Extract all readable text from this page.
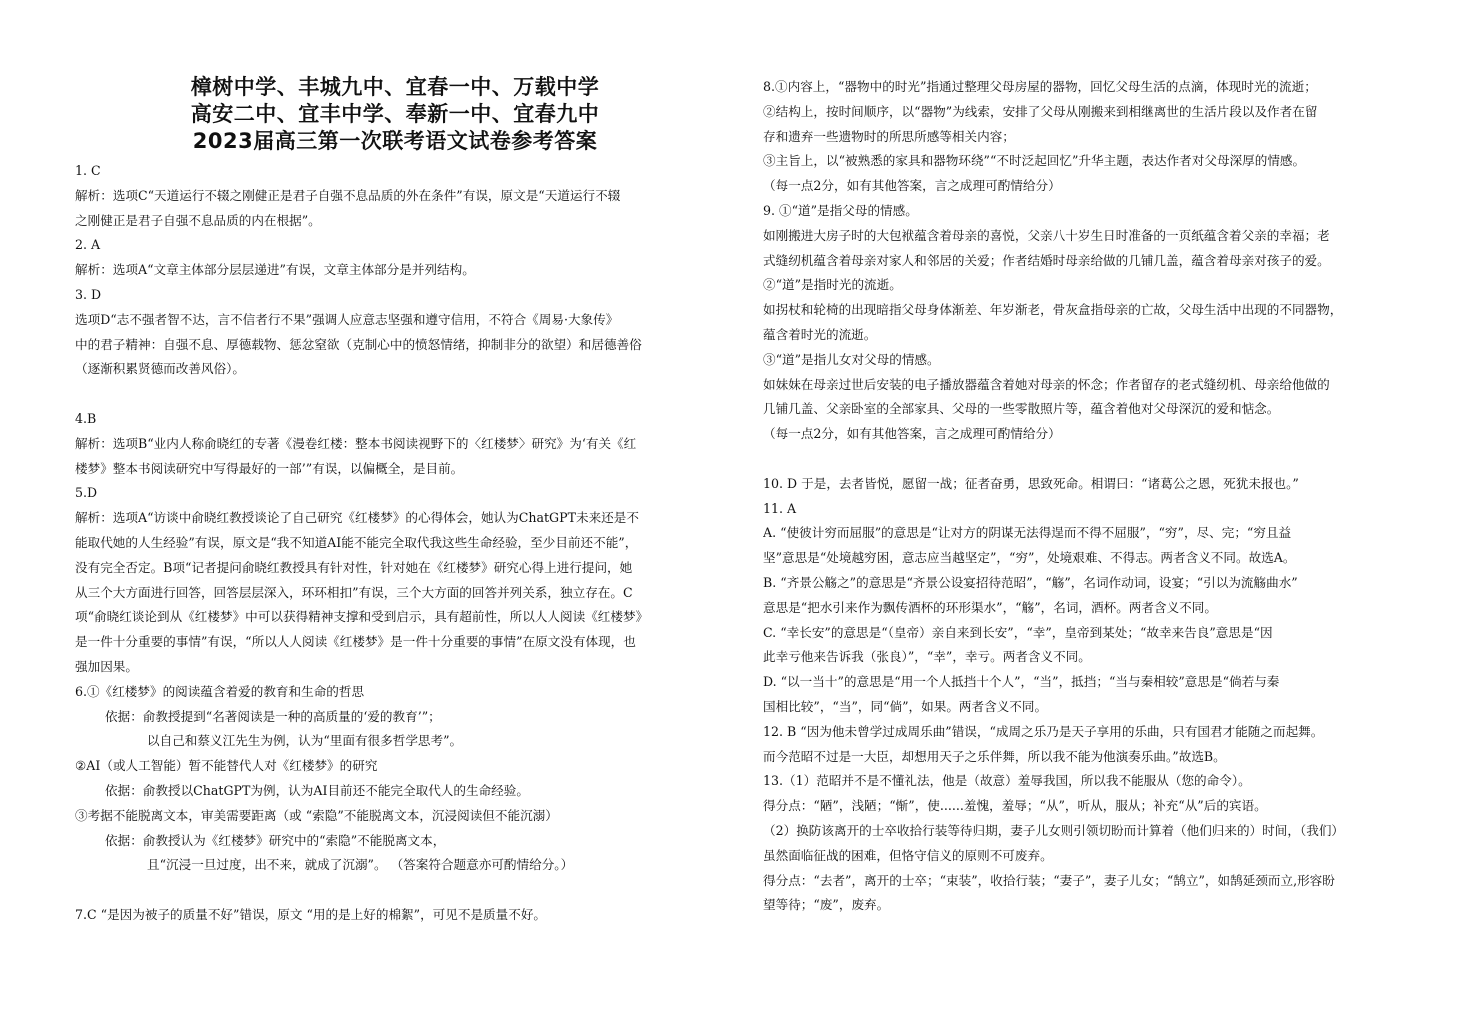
樟树中学、丰城九中、宜春一中、万载中学
高安二中、宜丰中学、奉新一中、宜春九中
2023届高三第一次联考语文试卷参考答案
1. C
解析：选项C“天道运行不辍之刚健正是君子自强不息品质的外在条件”有误，原文是“天道运行不辍
之刚健正是君子自强不息品质的内在根据”。
2. A
解析：选项A“文章主体部分层层递进”有误，文章主体部分是并列结构。
3. D
选项D“志不强者智不达，言不信者行不果”强调人应意志坚强和遵守信用，不符合《周易·大象传》
中的君子精神：自强不息、厚德载物、惩忿窒欲（克制心中的愤怒情绪，抑制非分的欲望）和居德善俗
（逐渐积累贤德而改善风俗）。
4.B
解析：选项B“业内人称俞晓红的专著《漫卷红楼：整本书阅读视野下的〈红楼梦〉研究》为‘有关《红
楼梦》整本书阅读研究中写得最好的一部’”有误，以偏概全，是目前。
5.D
解析：选项A“访谈中俞晓红教授谈论了自己研究《红楼梦》的心得体会，她认为ChatGPT未来还是不
能取代她的人生经验”有误，原文是“我不知道AI能不能完全取代我这些生命经验，至少目前还不能”，
没有完全否定。B项“记者提问俞晓红教授具有针对性，针对她在《红楼梦》研究心得上进行提问，她
从三个大方面进行回答，回答层层深入，环环相扣”有误，三个大方面的回答并列关系，独立存在。C
项“俞晓红谈论到从《红楼梦》中可以获得精神支撑和受到启示，具有超前性，所以人人阅读《红楼梦》
是一件十分重要的事情”有误，“所以人人阅读《红楼梦》是一件十分重要的事情”在原文没有体现，也
强加因果。
6.①《红楼梦》的阅读蕴含着爱的教育和生命的哲思
依据：俞教授提到“名著阅读是一种的高质量的‘爱的教育’”；
以自己和蔡义江先生为例，认为“里面有很多哲学思考”。
②AI（或人工智能）暂不能替代人对《红楼梦》的研究
依据：俞教授以ChatGPT为例，认为AI目前还不能完全取代人的生命经验。
③考据不能脱离文本，审美需要距离（或 “索隐”不能脱离文本，沉浸阅读但不能沉溺）
依据：俞教授认为《红楼梦》研究中的“索隐”不能脱离文本，
且“沉浸一旦过度，出不来，就成了沉溺”。 （答案符合题意亦可酌情给分。）
7.C “是因为被子的质量不好”错误，原文 “用的是上好的棉絮”，可见不是质量不好。
8.①内容上，“器物中的时光”指通过整理父母房屋的器物，回忆父母生活的点滴，体现时光的流逝；
②结构上，按时间顺序，以“器物”为线索，安排了父母从刚搬来到相继离世的生活片段以及作者在留
存和遗弃一些遗物时的所思所感等相关内容；
③主旨上，以“被熟悉的家具和器物环绕”“不时泛起回忆”升华主题，表达作者对父母深厚的情感。
（每一点2分，如有其他答案，言之成理可酌情给分）
9. ①“道”是指父母的情感。
如刚搬进大房子时的大包袱蕴含着母亲的喜悦，父亲八十岁生日时准备的一页纸蕴含着父亲的幸福；老
式缝纫机蕴含着母亲对家人和邻居的关爱；作者结婚时母亲给做的几铺几盖，蕴含着母亲对孩子的爱。
②“道”是指时光的流逝。
如拐杖和轮椅的出现暗指父母身体渐差、年岁渐老，骨灰盒指母亲的亡故，父母生活中出现的不同器物，
蕴含着时光的流逝。
③“道”是指儿女对父母的情感。
如妹妹在母亲过世后安装的电子播放器蕴含着她对母亲的怀念；作者留存的老式缝纫机、母亲给他做的
几铺几盖、父亲卧室的全部家具、父母的一些零散照片等，蕴含着他对父母深沉的爱和惦念。
（每一点2分，如有其他答案，言之成理可酌情给分）
10. D 于是，去者皆悦，愿留一战；征者奋勇，思致死命。相谓曰：“诸葛公之恩，死犹未报也。”
11. A
A. “使彼计穷而屈服”的意思是“让对方的阴谋无法得逞而不得不屈服”，“穷”，尽、完；“穷且益
坚”意思是“处境越穷困，意志应当越坚定”，“穷”，处境艰难、不得志。两者含义不同。故选A。
B. “齐景公觞之”的意思是“齐景公设宴招待范昭”，“觞”，名词作动词，设宴；“引以为流觞曲水”
意思是“把水引来作为飘传酒杯的环形渠水”，“觞”，名词，酒杯。两者含义不同。
C. “幸长安”的意思是“（皇帝）亲自来到长安”，“幸”，皇帝到某处；“故幸来告良”意思是“因
此幸亏他来告诉我（张良）”，“幸”，幸亏。两者含义不同。
D. “以一当十”的意思是“用一个人抵挡十个人”，“当”，抵挡；“当与秦相较”意思是“倘若与秦
国相比较”，“当”，同“倘”，如果。两者含义不同。
12. B “因为他未曾学过成周乐曲”错误，“成周之乐乃是天子享用的乐曲，只有国君才能随之而起舞。
而今范昭不过是一大臣，却想用天子之乐伴舞，所以我不能为他演奏乐曲。”故选B。
13.（1）范昭并不是不懂礼法，他是（故意）羞辱我国，所以我不能服从（您的命令）。
得分点：“陋”，浅陋；“惭”，使......羞愧，羞辱；“从”，听从，服从；补充“从”后的宾语。
（2）换防该离开的士卒收拾行装等待归期，妻子儿女则引领切盼而计算着（他们归来的）时间，（我们）
虽然面临征战的困难，但恪守信义的原则不可废弃。
得分点：“去者”，离开的士卒；“束装”，收拾行装；“妻子”，妻子儿女；“鹄立”，如鹄延颈而立,形容盼
望等待；“废”，废弃。
